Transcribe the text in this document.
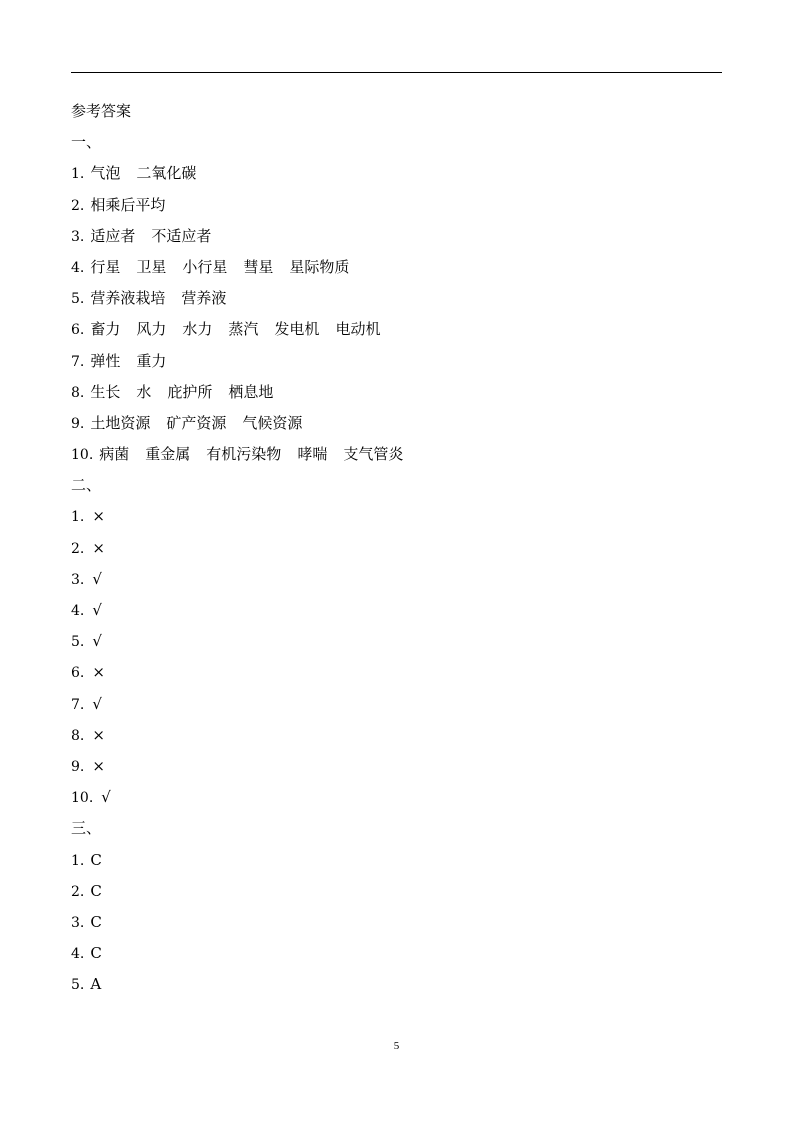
参考答案
一、
1. 气泡 二氧化碳
2. 相乘后平均
3. 适应者 不适应者
4. 行星 卫星 小行星 彗星 星际物质
5. 营养液栽培 营养液
6. 畜力 风力 水力 蒸汽 发电机 电动机
7. 弹性 重力
8. 生长 水 庇护所 栖息地
9. 土地资源 矿产资源 气候资源
10. 病菌 重金属 有机污染物 哮喘 支气管炎
二、
1. ×
2. ×
3. √
4. √
5. √
6. ×
7. √
8. ×
9. ×
10. √
三、
1. C
2. C
3. C
4. C
5. A
5
